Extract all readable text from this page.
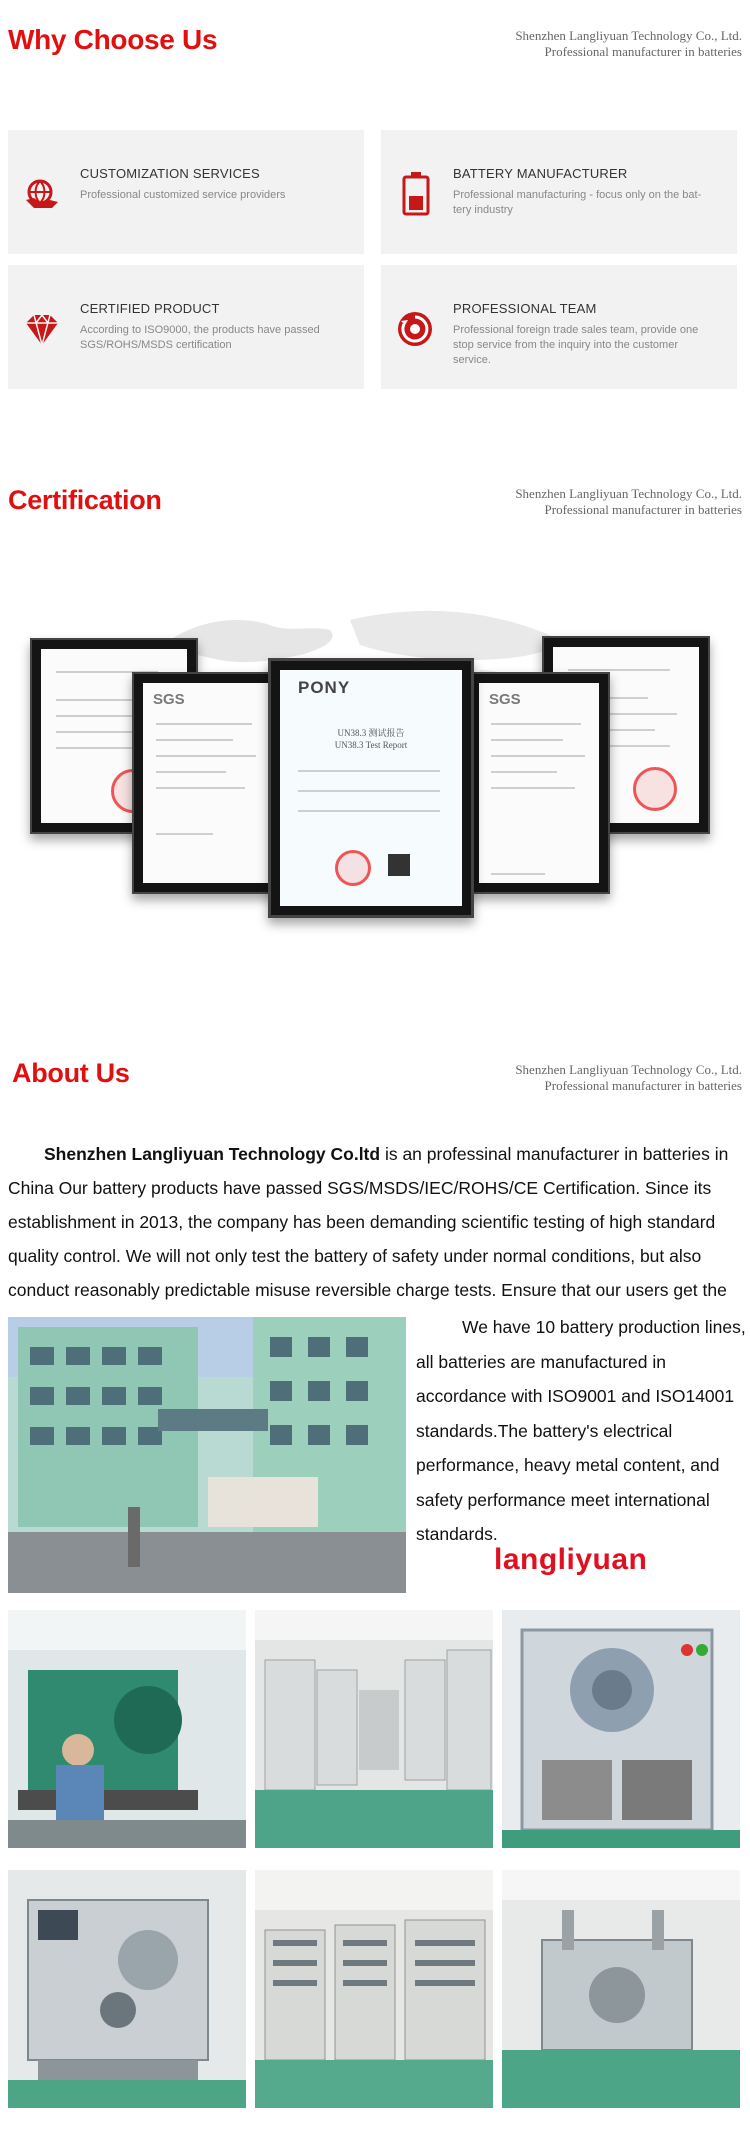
Why Choose Us	Shenzhen Langliyuan Technology Co., Ltd.
Professional manufacturer in batteries
CUSTOMIZATION SERVICES
Professional customized service providers
BATTERY MANUFACTURER
Professional manufacturing - focus only on the bat- tery industry
CERTIFIED PRODUCT
According to ISO9000, the products have passed SGS/ROHS/MSDS certification
PROFESSIONAL TEAM
Professional foreign trade sales team, provide one stop service from the inquiry into the customer service.
Certification	Shenzhen Langliyuan Technology Co., Ltd.
Professional manufacturer in batteries
SGS	SGS
PONY
UN38.3 测试报告
UN38.3 Test Report
About Us	Shenzhen Langliyuan Technology Co., Ltd.
Professional manufacturer in batteries
Shenzhen Langliyuan Technology Co.ltd is an professinal manufacturer in batteries in China Our battery products have passed SGS/MSDS/IEC/ROHS/CE Certification. Since its establishment in 2013, the company has been demanding scientific testing of high standard quality control. We will not only test the battery of safety under normal conditions, but also conduct reasonably predictable misuse reversible charge tests. Ensure that our users get the
We have 10 battery production lines, all batteries are manufactured in accordance with ISO9001 and ISO14001 standards.The battery's electrical performance, heavy metal content, and safety performance meet international standards.
langliyuan
